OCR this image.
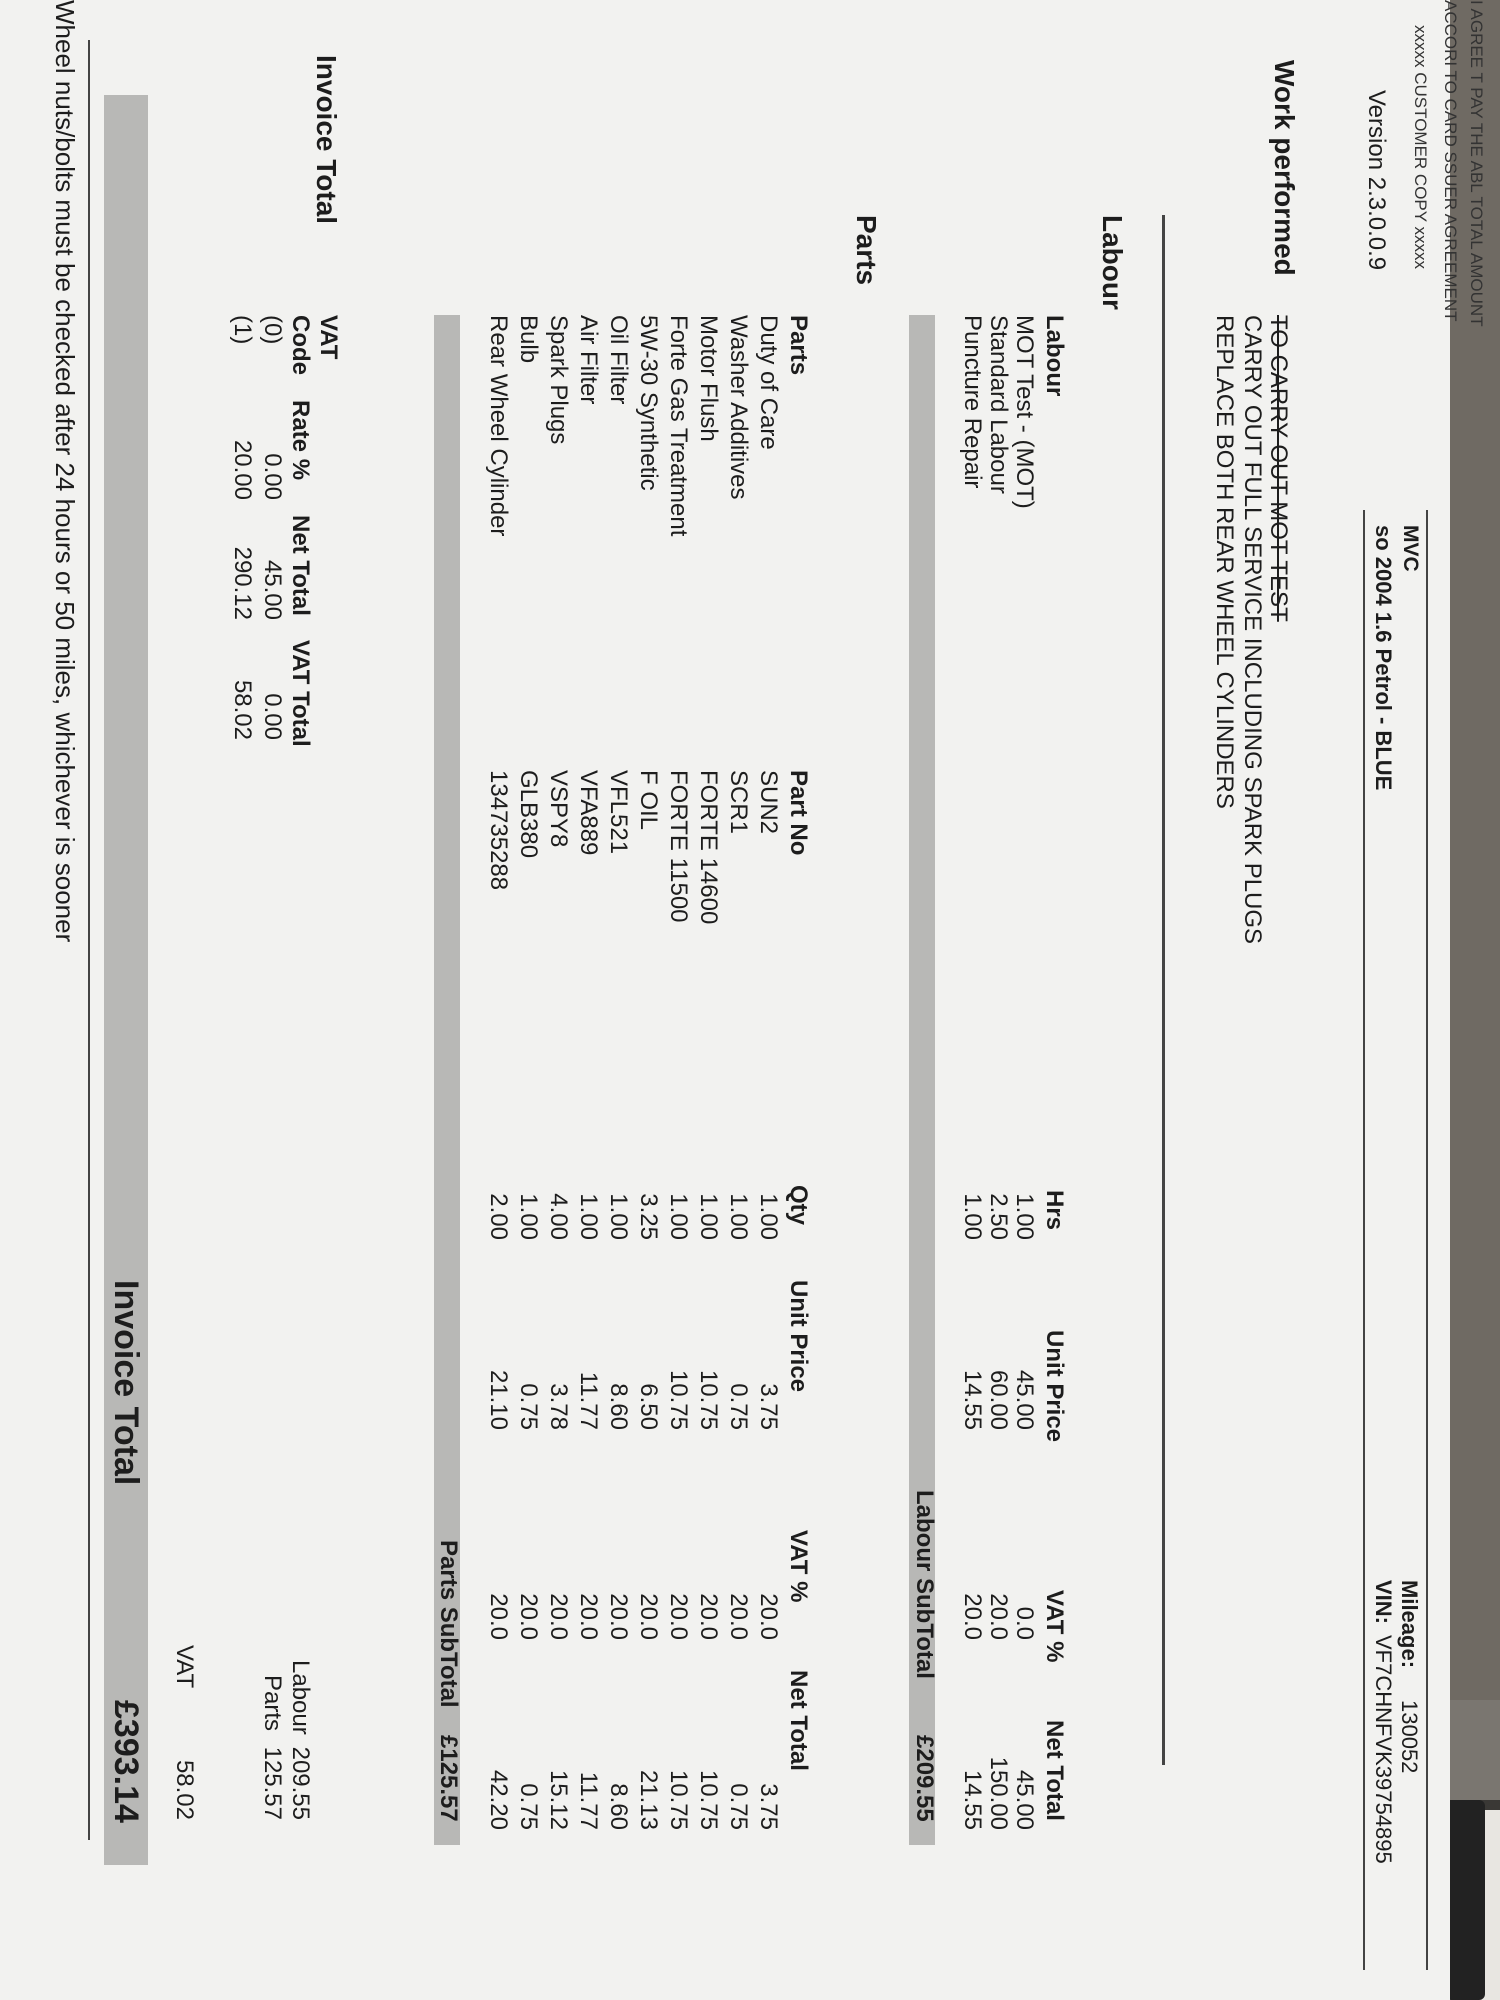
I AGREE T PAY THE ABL TOTAL AMOUNT
ACCORI TO CARD SSUER AGREEMENT
xxxxx CUSTOMER COPY xxxxx
Version 2.3.0.0.9
MVC
so 2004 1.6 Petrol - BLUE
Mileage:
130052
VIN:
VF7CHNFVK39754895
Work performed
TO CARRY OUT MOT TEST
CARRY OUT FULL SERVICE INCLUDING SPARK PLUGS
REPLACE BOTH REAR WHEEL CYLINDERS
Labour
Labour
Hrs
Unit Price
VAT %
Net Total
MOT Test - (MOT)
1.00
45.00
0.0
45.00
Standard Labour
2.50
60.00
20.0
150.00
Puncture Repair
1.00
14.55
20.0
14.55
Labour SubTotal
£209.55
Parts
Parts
Part No
Qty
Unit Price
VAT %
Net Total
Duty of Care
SUN2
1.00
3.75
20.0
3.75
Washer Additives
SCR1
1.00
0.75
20.0
0.75
Motor Flush
FORTE 14600
1.00
10.75
20.0
10.75
Forte Gas Treatment
FORTE 11500
1.00
10.75
20.0
10.75
5W-30 Synthetic
F OIL
3.25
6.50
20.0
21.13
Oil Filter
VFL521
1.00
8.60
20.0
8.60
Air Filter
VFA889
1.00
11.77
20.0
11.77
Spark Plugs
VSPY8
4.00
3.78
20.0
15.12
Bulb
GLB380
1.00
0.75
20.0
0.75
Rear Wheel Cylinder
134735288
2.00
21.10
20.0
42.20
Parts SubTotal
£125.57
Invoice Total
VAT
Code
Rate %
Net Total
VAT Total
(0)
0.00
45.00
0.00
(1)
20.00
290.12
58.02
Labour
209.55
Parts
125.57
VAT
58.02
Invoice Total
£393.14
Wheel nuts/bolts must be checked after 24 hours or 50 miles, whichever is sooner
